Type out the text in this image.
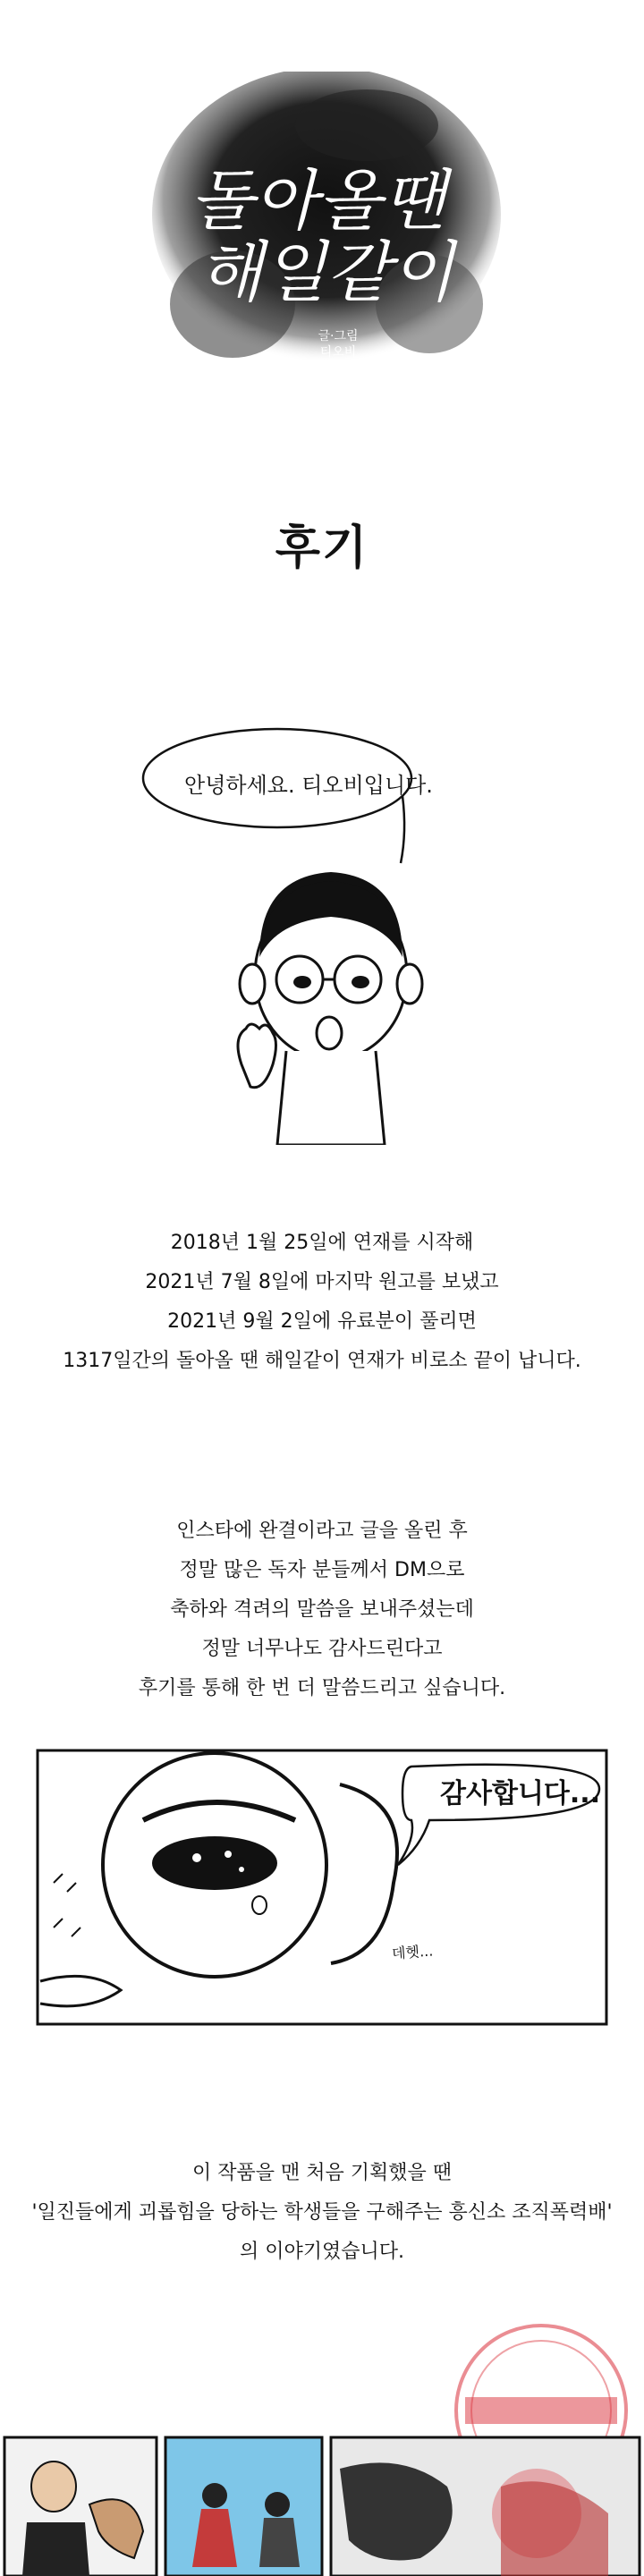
돌아올땐
해일같이
글·그림
티오비
후기
안녕하세요. 티오비입니다.
2018년 1월 25일에 연재를 시작해
2021년 7월 8일에 마지막 원고를 보냈고
2021년 9월 2일에 유료분이 풀리면
1317일간의 돌아올 땐 해일같이 연재가 비로소 끝이 납니다.
인스타에 완결이라고 글을 올린 후
정말 많은 독자 분들께서 DM으로
축하와 격려의 말씀을 보내주셨는데
정말 너무나도 감사드린다고
후기를 통해 한 번 더 말씀드리고 싶습니다.
감사합니다...
데헷...
이 작품을 맨 처음 기획했을 땐
'일진들에게 괴롭힘을 당하는 학생들을 구해주는 흥신소 조직폭력배'
의 이야기였습니다.
